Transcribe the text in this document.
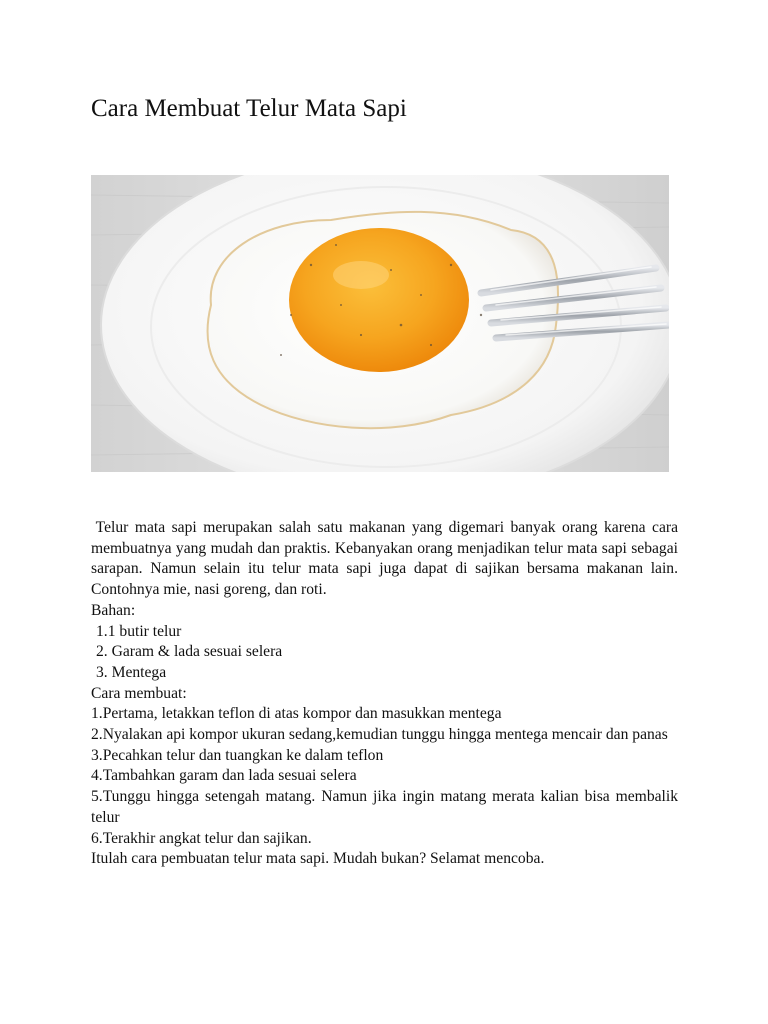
Cara Membuat Telur Mata Sapi

Telur mata sapi merupakan salah satu makanan yang digemari banyak orang karena cara membuatnya yang mudah dan praktis. Kebanyakan orang menjadikan telur mata sapi sebagai sarapan. Namun selain itu telur mata sapi juga dapat di sajikan bersama makanan lain. Contohnya mie, nasi goreng, dan roti.

Bahan:

1.1 butir telur

2. Garam & lada sesuai selera

3. Mentega

Cara membuat:

1.Pertama, letakkan teflon di atas kompor dan masukkan mentega

2.Nyalakan api kompor ukuran sedang,kemudian tunggu hingga mentega mencair dan panas

3.Pecahkan telur dan tuangkan ke dalam teflon

4.Tambahkan garam dan lada sesuai selera

5.Tunggu hingga setengah matang. Namun jika ingin matang merata kalian bisa membalik telur

6.Terakhir angkat telur dan sajikan.

Itulah cara pembuatan telur mata sapi. Mudah bukan? Selamat mencoba.
